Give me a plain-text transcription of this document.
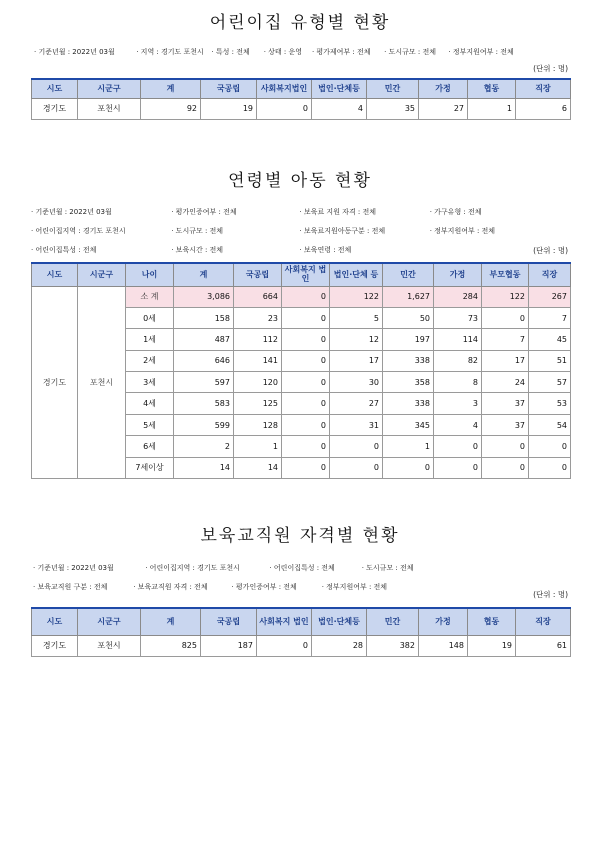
어린이집 유형별 현황
· 기준년월 : 2022년 03월	· 지역 : 경기도 포천시 · 특성 : 전체 · 상태 : 운영 · 평가제여부 : 전체 · 도시규모 : 전체 · 정부지원여부 : 전체
(단위 : 명)
시도	시군구	계	국공립	사회복지법인	법인·단체등	민간	가정	협동	직장
경기도	포천시	92	19	0	4	35	27	1	6
연령별 아동 현황
· 기준년월 : 2022년 03월	· 평가인증여부 : 전체	· 보육료 지원 자격 : 전체	· 가구유형 : 전체
· 어린이집지역 : 경기도 포천시	· 도시규모 : 전체	· 보육료지원아동구분 : 전체	· 정부지원여부 : 전체
· 어린이집특성 : 전체	· 보육시간 : 전체	· 보육연령 : 전체	(단위 : 명)
시도	시군구	나이	계	국공립	사회복지 법인	법인·단체 등	민간	가정	부모협동	직장
경기도	포천시	소 계	3,086	664	0	122	1,627	284	122	267
		0세	158	23	0	5	50	73	0	7
		1세	487	112	0	12	197	114	7	45
		2세	646	141	0	17	338	82	17	51
		3세	597	120	0	30	358	8	24	57
		4세	583	125	0	27	338	3	37	53
		5세	599	128	0	31	345	4	37	54
		6세	2	1	0	0	1	0	0	0
		7세이상	14	14	0	0	0	0	0	0
보육교직원 자격별 현황
· 기준년월 : 2022년 03월	· 어린이집지역 : 경기도 포천시	· 어린이집특성 : 전체	· 도시규모 : 전체
· 보육교직원 구분 : 전체	· 보육교직원 자격 : 전체	· 평가인증여부 : 전체	· 정부지원여부 : 전체
(단위 : 명)
시도	시군구	계	국공립	사회복지 법인	법인·단체등	민간	가정	협동	직장
경기도	포천시	825	187	0	28	382	148	19	61
